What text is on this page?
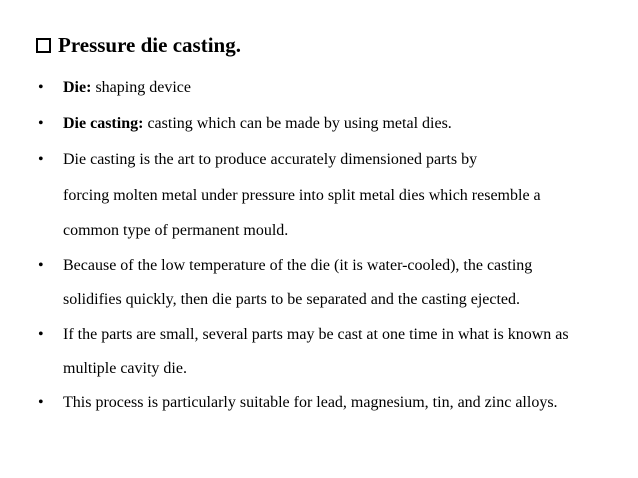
Pressure die casting.
• Die: shaping device
• Die casting: casting which can be made by using metal dies.
• Die casting is the art to produce accurately dimensioned parts by
forcing molten metal under pressure into split metal dies which resemble a
common type of permanent mould.
• Because of the low temperature of the die (it is water-cooled), the casting
solidifies quickly, then die parts to be separated and the casting ejected.
• If the parts are small, several parts may be cast at one time in what is known as
multiple cavity die.
• This process is particularly suitable for lead, magnesium, tin, and zinc alloys.
